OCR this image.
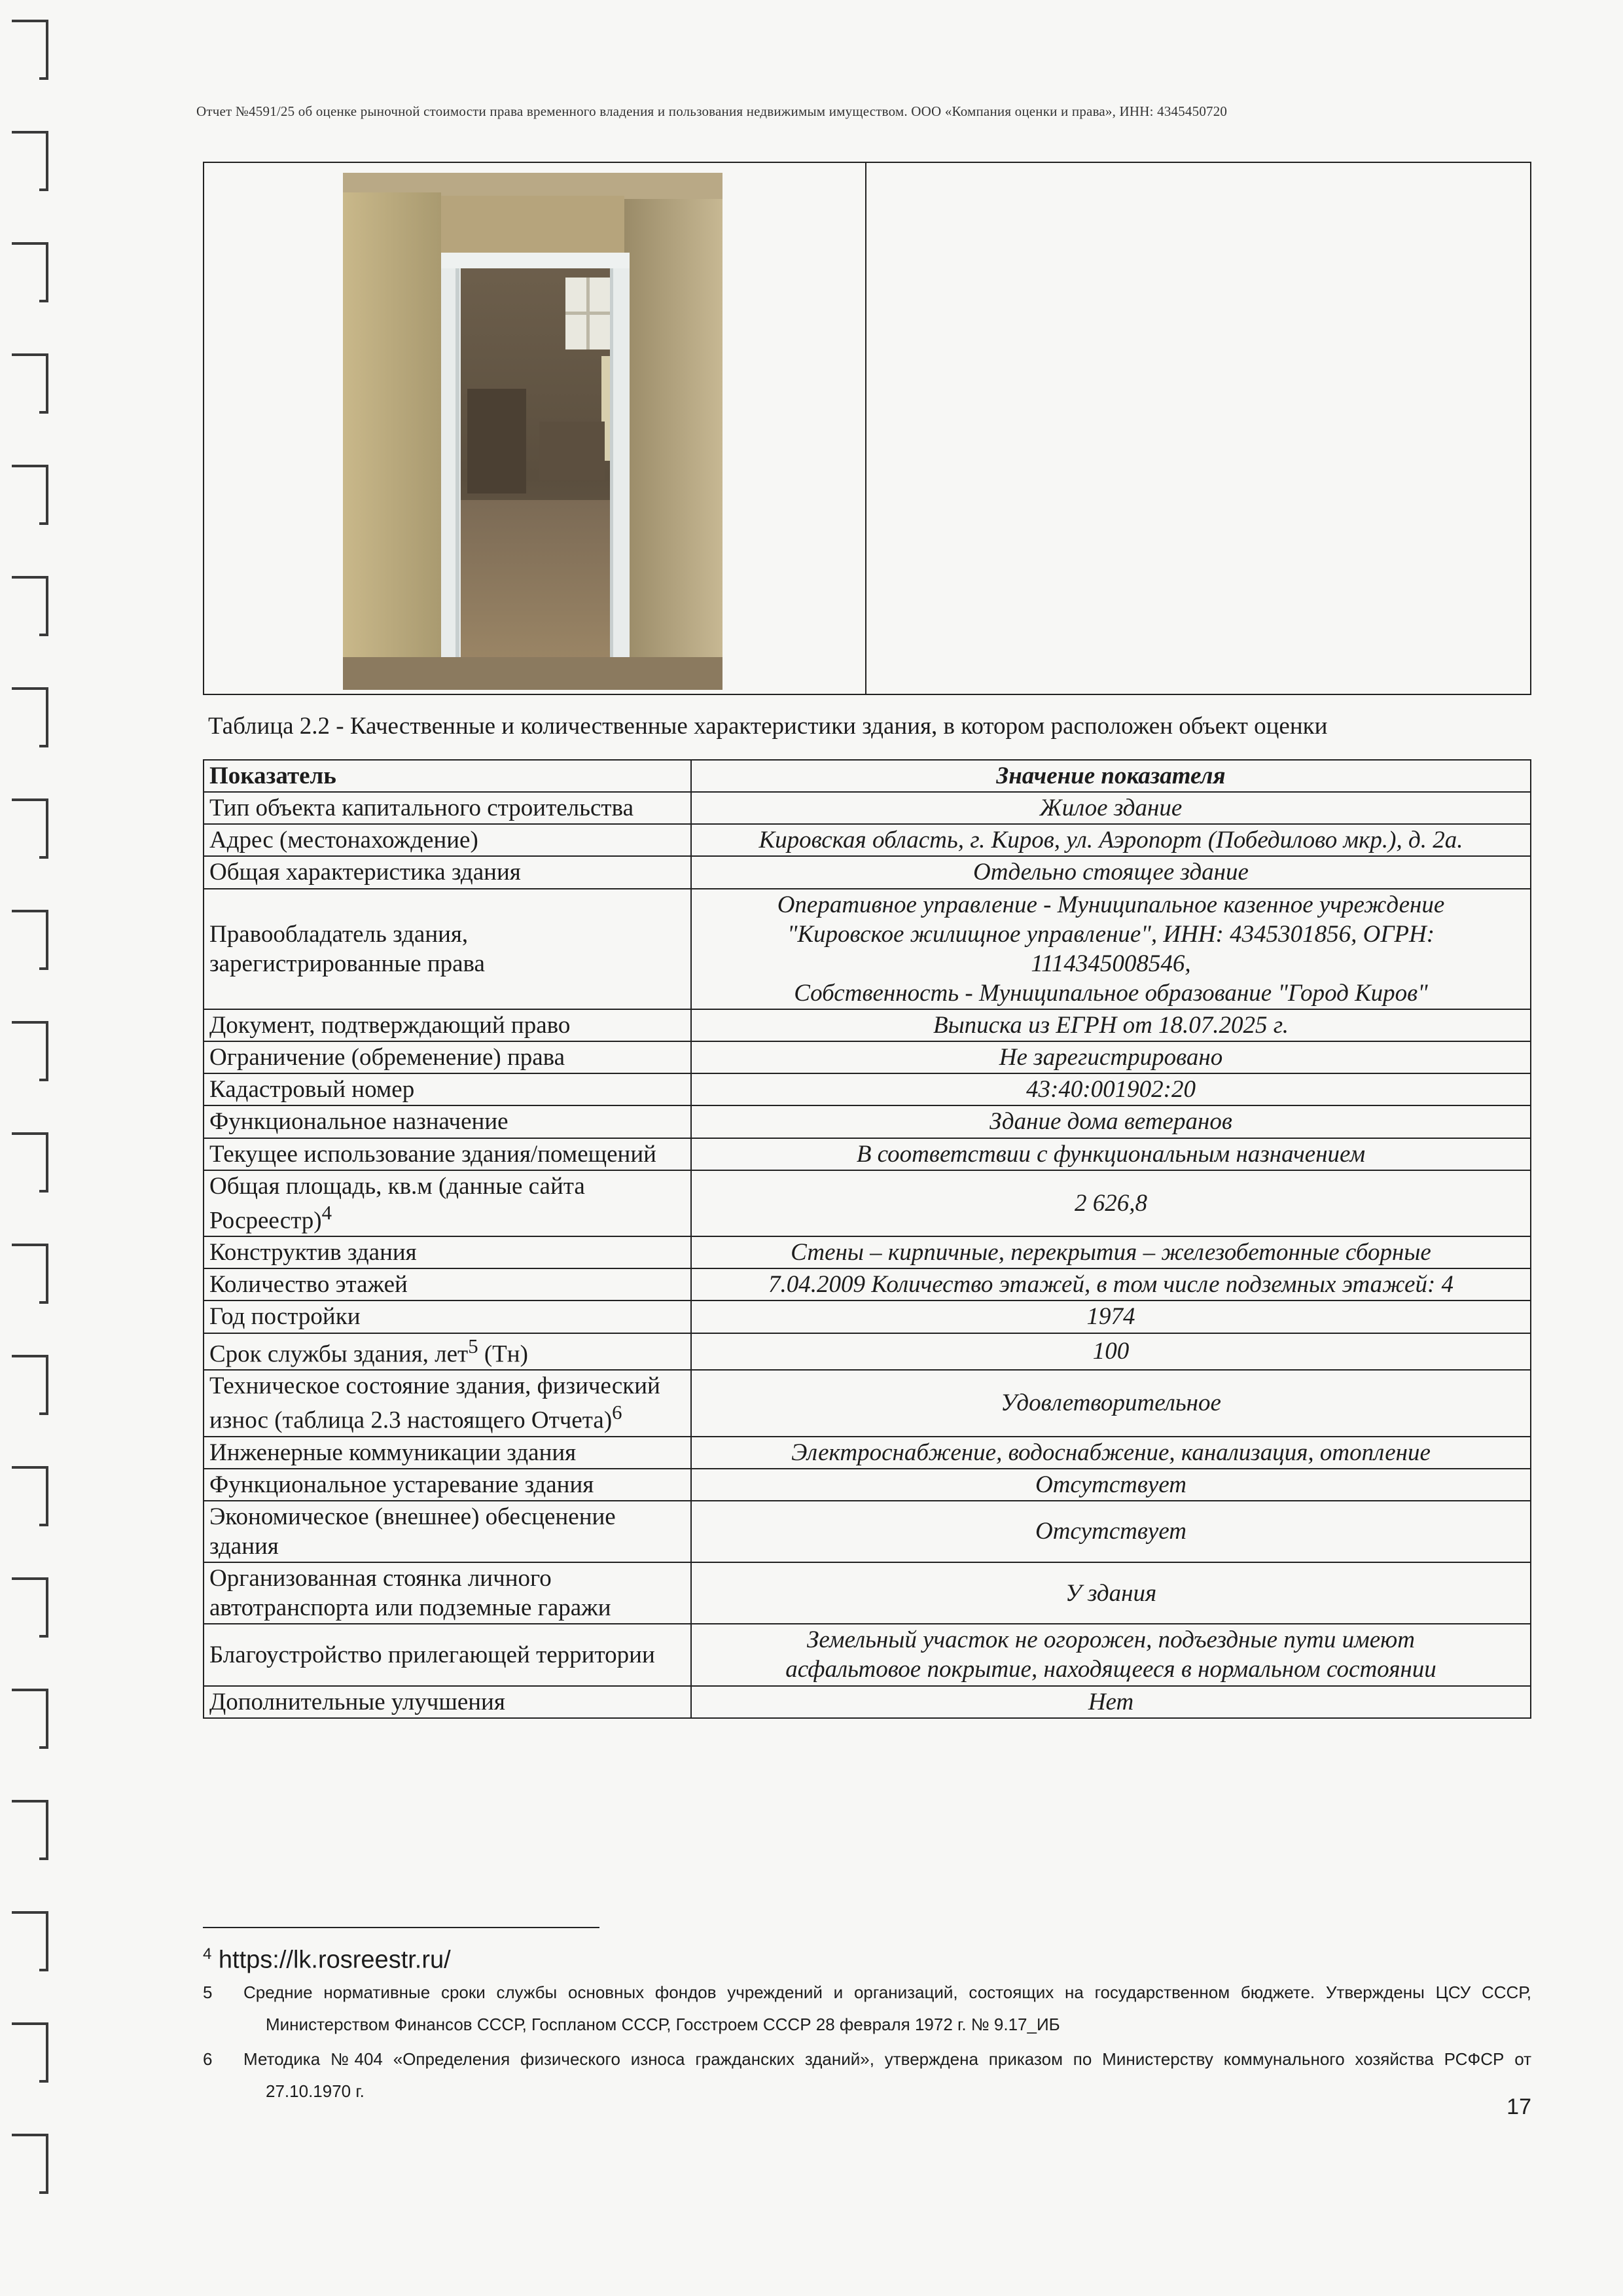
Отчет №4591/25 об оценке рыночной стоимости права временного владения и пользования недвижимым имуществом. ООО «Компания оценки и права», ИНН: 4345450720
Таблица 2.2 - Качественные и количественные характеристики здания, в котором расположен объект оценки
Показатель	Значение показателя
Тип объекта капитального строительства	Жилое здание
Адрес (местонахождение)	Кировская область, г. Киров, ул. Аэропорт (Победилово мкр.), д. 2а.
Общая характеристика здания	Отдельно стоящее здание
Правообладатель здания, зарегистрированные права	Оперативное управление - Муниципальное казенное учреждение
"Кировское жилищное управление", ИНН: 4345301856, ОГРН:
1114345008546,
Собственность - Муниципальное образование "Город Киров"

Документ, подтверждающий право	Выписка из ЕГРН от 18.07.2025 г.
Ограничение (обременение) права	Не зарегистрировано
Кадастровый номер	43:40:001902:20
Функциональное назначение	Здание дома ветеранов
Текущее использование здания/помещений	В соответствии с функциональным назначением
Общая площадь, кв.м (данные сайта Росреестр)$^4$	2 626,8
Конструктив здания	Стены – кирпичные, перекрытия – железобетонные сборные
Количество этажей	7.04.2009 Количество этажей, в том числе подземных этажей: 4
Год постройки	1974
Срок службы здания, лет$^5$ (Тн)	100
Техническое состояние здания, физический износ (таблица 2.3 настоящего Отчета)$^6$	Удовлетворительное
Инженерные коммуникации здания	Электроснабжение, водоснабжение, канализация, отопление
Функциональное устаревание здания	Отсутствует
Экономическое (внешнее) обесценение здания	Отсутствует
Организованная стоянка личного автотранспорта или подземные гаражи	У здания
Благоустройство прилегающей территории	Земельный участок не огорожен, подъездные пути имеют
асфальтовое покрытие, находящееся в нормальном состоянии

Дополнительные улучшения	Нет
$^4$ https://lk.rosreestr.ru/
5 Средние нормативные сроки службы основных фондов учреждений и организаций, состоящих на государственном бюджете. Утверждены ЦСУ СССР, Министерством Финансов СССР, Госпланом СССР, Госстроем СССР 28 февраля 1972 г. № 9.17_ИБ
6 Методика №404 «Определения физического износа гражданских зданий», утверждена приказом по Министерству коммунального хозяйства РСФСР от 27.10.1970 г.
17
